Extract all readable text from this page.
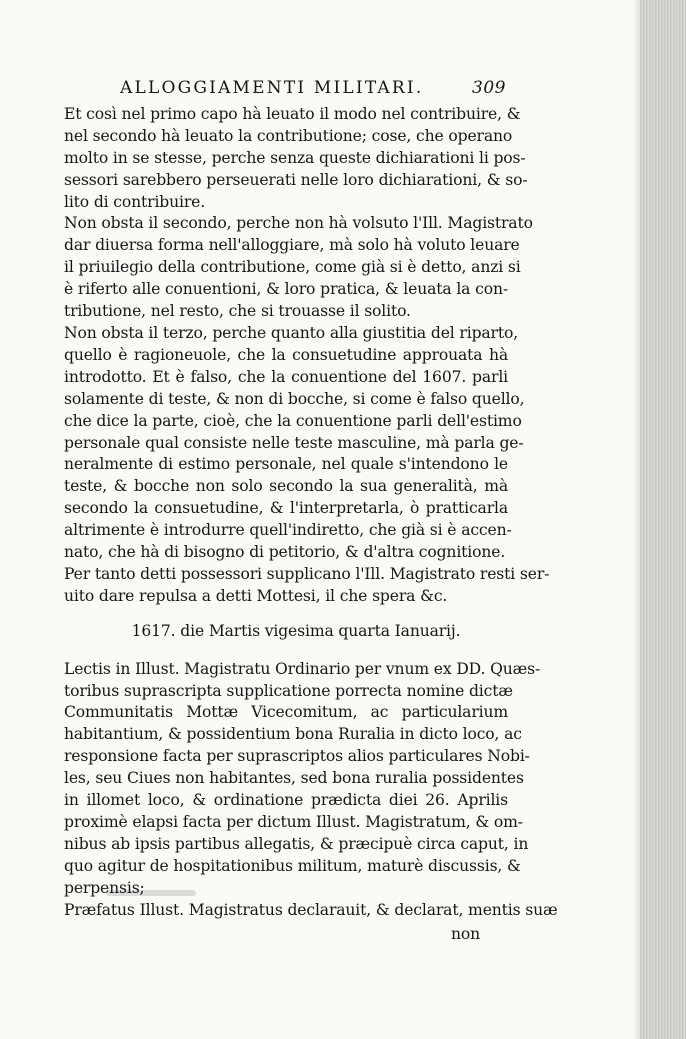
ALLOGGIAMENTI MILITARI.	309

Et così nel primo capo hà leuato il modo nel contribuire, &
nel secondo hà leuato la contributione; cose, che operano
molto in se stesse, perche senza queste dichiarationi li pos-
sessori sarebbero perseuerati nelle loro dichiarationi, & so-
lito di contribuire.

Non obsta il secondo, perche non hà volsuto l'Ill. Magistrato
dar diuersa forma nell'alloggiare, mà solo hà voluto leuare
il priuilegio della contributione, come già si è detto, anzi si
è riferto alle conuentioni, & loro pratica, & leuata la con-
tributione, nel resto, che si trouasse il solito.

Non obsta il terzo, perche quanto alla giustitia del riparto,
quello è ragioneuole, che la consuetudine approuata hà
introdotto. Et è falso, che la conuentione del 1607. parli
solamente di teste, & non di bocche, si come è falso quello,
che dice la parte, cioè, che la conuentione parli dell'estimo
personale qual consiste nelle teste masculine, mà parla ge-
neralmente di estimo personale, nel quale s'intendono le
teste, & bocche non solo secondo la sua generalità, mà
secondo la consuetudine, & l'interpretarla, ò pratticarla
altrimente è introdurre quell'indiretto, che già si è accen-
nato, che hà di bisogno di petitorio, & d'altra cognitione.

Per tanto detti possessori supplicano l'Ill. Magistrato resti ser-
uito dare repulsa a detti Mottesi, il che spera &c.

1617. die Martis vigesima quarta Ianuarij.

Lectis in Illust. Magistratu Ordinario per vnum ex DD. Quæs-
toribus suprascripta supplicatione porrecta nomine dictæ
Communitatis Mottæ Vicecomitum, ac particularium
habitantium, & possidentium bona Ruralia in dicto loco, ac
responsione facta per suprascriptos alios particulares Nobi-
les, seu Ciues non habitantes, sed bona ruralia possidentes
in illomet loco, & ordinatione prædicta diei 26. Aprilis
proximè elapsi facta per dictum Illust. Magistratum, & om-
nibus ab ipsis partibus allegatis, & præcipuè circa caput, in
quo agitur de hospitationibus militum, maturè discussis, &
perpensis;

Præfatus Illust. Magistratus declarauit, & declarat, mentis suæ

non
